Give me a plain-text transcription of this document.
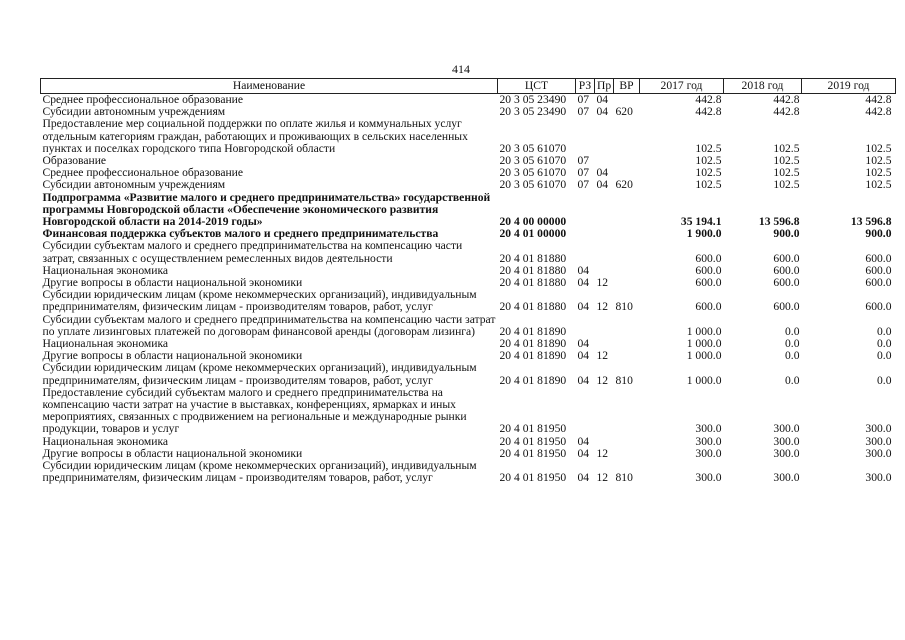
414
Наименование	ЦСТ	РЗ	Пр	ВР	2017 год	2018 год	2019 год
Среднее профессиональное образование	20 3 05 23490	07	04		442.8	442.8	442.8
Субсидии автономным учреждениям	20 3 05 23490	07	04	620	442.8	442.8	442.8
Предоставление мер социальной поддержки по оплате жилья и коммунальных услуг отдельным категориям граждан, работающих и проживающих в сельских населенных пунктах и поселках городского типа Новгородской области	20 3 05 61070				102.5	102.5	102.5
Образование	20 3 05 61070	07			102.5	102.5	102.5
Среднее профессиональное образование	20 3 05 61070	07	04		102.5	102.5	102.5
Субсидии автономным учреждениям	20 3 05 61070	07	04	620	102.5	102.5	102.5
Подпрограмма «Развитие малого и среднего предпринимательства» государственной программы Новгородской области «Обеспечение экономического развития Новгородской области на 2014-2019 годы»	20 4 00 00000				35 194.1	13 596.8	13 596.8
Финансовая поддержка субъектов малого и среднего предпринимательства	20 4 01 00000				1 900.0	900.0	900.0
Субсидии субъектам малого и среднего предпринимательства на компенсацию части затрат, связанных с осуществлением ремесленных видов деятельности	20 4 01 81880				600.0	600.0	600.0
Национальная экономика	20 4 01 81880	04			600.0	600.0	600.0
Другие вопросы в области национальной экономики	20 4 01 81880	04	12		600.0	600.0	600.0
Субсидии юридическим лицам (кроме некоммерческих организаций), индивидуальным предпринимателям, физическим лицам - производителям товаров, работ, услуг	20 4 01 81880	04	12	810	600.0	600.0	600.0
Субсидии субъектам малого и среднего предпринимательства на компенсацию части затрат по уплате лизинговых платежей по договорам финансовой аренды (договорам лизинга)	20 4 01 81890				1 000.0	0.0	0.0
Национальная экономика	20 4 01 81890	04			1 000.0	0.0	0.0
Другие вопросы в области национальной экономики	20 4 01 81890	04	12		1 000.0	0.0	0.0
Субсидии юридическим лицам (кроме некоммерческих организаций), индивидуальным предпринимателям, физическим лицам - производителям товаров, работ, услуг	20 4 01 81890	04	12	810	1 000.0	0.0	0.0
Предоставление субсидий субъектам малого и среднего предпринимательства на компенсацию части затрат на участие в выставках, конференциях, ярмарках и иных мероприятиях, связанных с продвижением на региональные и международные рынки продукции, товаров и услуг	20 4 01 81950				300.0	300.0	300.0
Национальная экономика	20 4 01 81950	04			300.0	300.0	300.0
Другие вопросы в области национальной экономики	20 4 01 81950	04	12		300.0	300.0	300.0
Субсидии юридическим лицам (кроме некоммерческих организаций), индивидуальным предпринимателям, физическим лицам - производителям товаров, работ, услуг	20 4 01 81950	04	12	810	300.0	300.0	300.0
